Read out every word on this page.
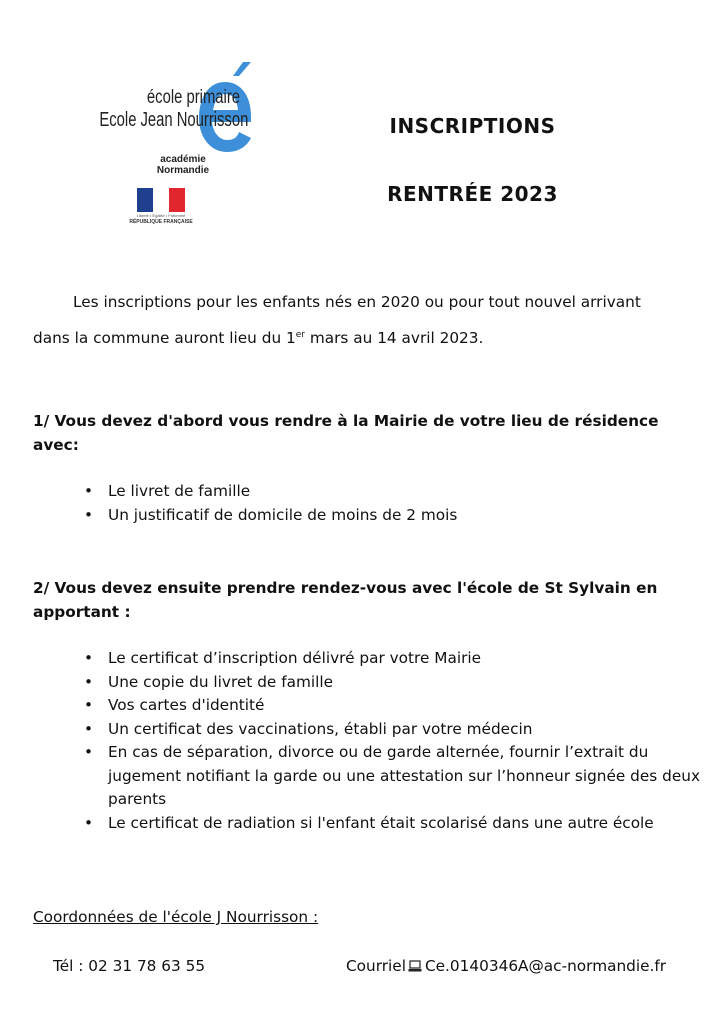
école primaire
Ecole Jean Nourrisson
académie
Normandie
Liberté • Égalité • Fraternité
RÉPUBLIQUE FRANÇAISE
INSCRIPTIONS
RENTRÉE 2023

Les inscriptions pour les enfants nés en 2020 ou pour tout nouvel arrivant

dans la commune auront lieu du 1er mars au 14 avril 2023.

1/ Vous devez d'abord vous rendre à la Mairie de votre lieu de résidence avec:
• Le livret de famille
• Un justificatif de domicile de moins de 2 mois
2/ Vous devez ensuite prendre rendez-vous avec l'école de St Sylvain en apportant :
• Le certificat d’inscription délivré par votre Mairie
• Une copie du livret de famille
• Vos cartes d'identité
• Un certificat des vaccinations, établi par votre médecin
• En cas de séparation, divorce ou de garde alternée, fournir l’extrait du jugement notifiant la garde ou une attestation sur l’honneur signée des deux parents
• Le certificat de radiation si l'enfant était scolarisé dans une autre école
Coordonnées de l'école J Nourrisson :
Tél : 02 31 78 63 55	Courriel Ce.0140346A@ac-normandie.fr
